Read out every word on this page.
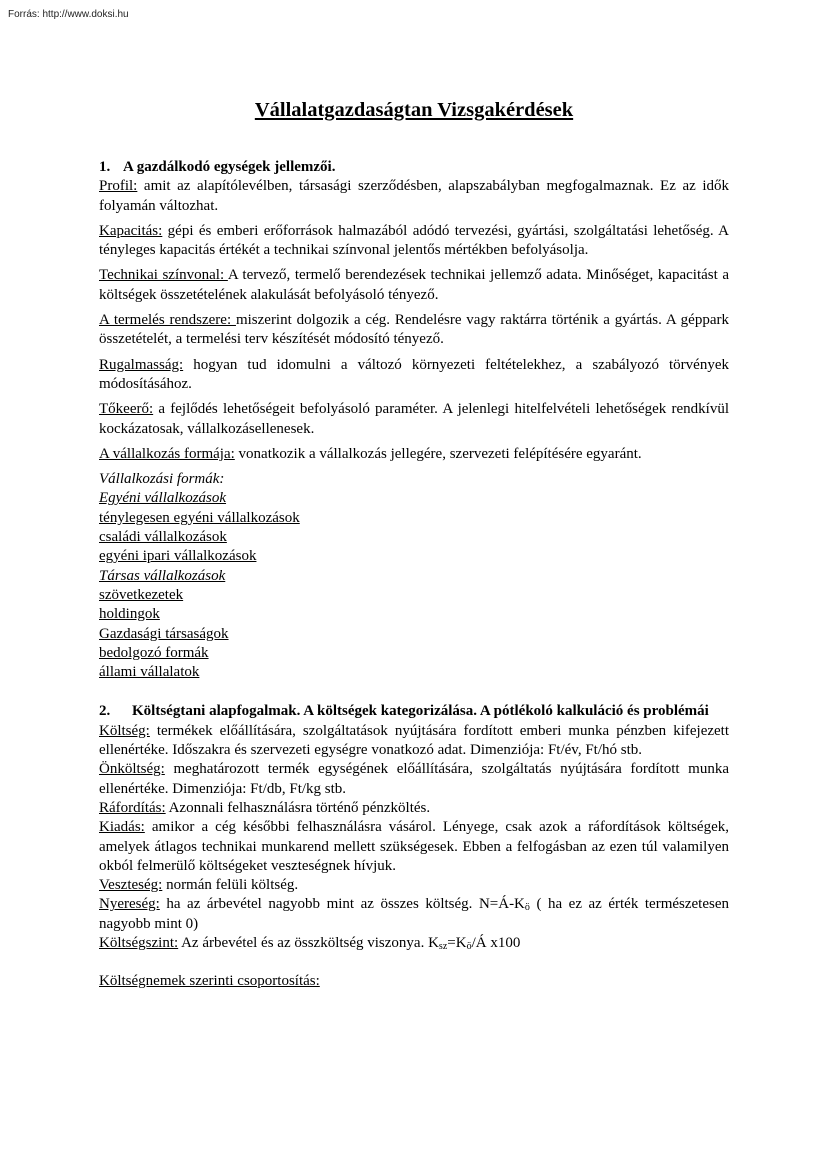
Forrás: http://www.doksi.hu
Vállalatgazdaságtan Vizsgakérdések
1. A gazdálkodó egységek jellemzői.

Profil: amit az alapítólevélben, társasági szerződésben, alapszabályban megfogalmaznak. Ez az idők folyamán változhat.

Kapacitás: gépi és emberi erőforrások halmazából adódó tervezési, gyártási, szolgáltatási lehetőség. A tényleges kapacitás értékét a technikai színvonal jelentős mértékben befolyásolja.

Technikai színvonal: A tervező, termelő berendezések technikai jellemző adata. Minőséget, kapacitást a költségek összetételének alakulását befolyásoló tényező.

A termelés rendszere: miszerint dolgozik a cég. Rendelésre vagy raktárra történik a gyártás. A géppark összetételét, a termelési terv készítését módosító tényező.

Rugalmasság: hogyan tud idomulni a változó környezeti feltételekhez, a szabályozó törvények módosításához.

Tőkeerő: a fejlődés lehetőségeit befolyásoló paraméter. A jelenlegi hitelfelvételi lehetőségek rendkívül kockázatosak, vállalkozásellenesek.

A vállalkozás formája: vonatkozik a vállalkozás jellegére, szervezeti felépítésére egyaránt.

Vállalkozási formák:

Egyéni vállalkozások
ténylegesen egyéni vállalkozások
családi vállalkozások
egyéni ipari vállalkozások
Társas vállalkozások
szövetkezetek
holdingok
Gazdasági társaságok
bedolgozó formák
állami vállalatok
2. Költségtani alapfogalmak. A költségek kategorizálása. A pótlékoló kalkuláció és problémái

Költség: termékek előállítására, szolgáltatások nyújtására fordított emberi munka pénzben kifejezett ellenértéke. Időszakra és szervezeti egységre vonatkozó adat. Dimenziója: Ft/év, Ft/hó stb.

Önköltség: meghatározott termék egységének előállítására, szolgáltatás nyújtására fordított munka ellenértéke. Dimenziója: Ft/db, Ft/kg stb.

Ráfordítás: Azonnali felhasználásra történő pénzköltés.

Kiadás: amikor a cég későbbi felhasználásra vásárol. Lényege, csak azok a ráfordítások költségek, amelyek átlagos technikai munkarend mellett szükségesek. Ebben a felfogásban az ezen túl valamilyen okból felmerülő költségeket veszteségnek hívjuk.

Veszteség: normán felüli költség.

Nyereség: ha az árbevétel nagyobb mint az összes költség. $N=Á-K_ö$ ( ha ez az érték természetesen nagyobb mint 0)

Költségszint: Az árbevétel és az összköltség viszonya. $K_{sz}=K_ö/Á$ x100

Költségnemek szerinti csoportosítás:
